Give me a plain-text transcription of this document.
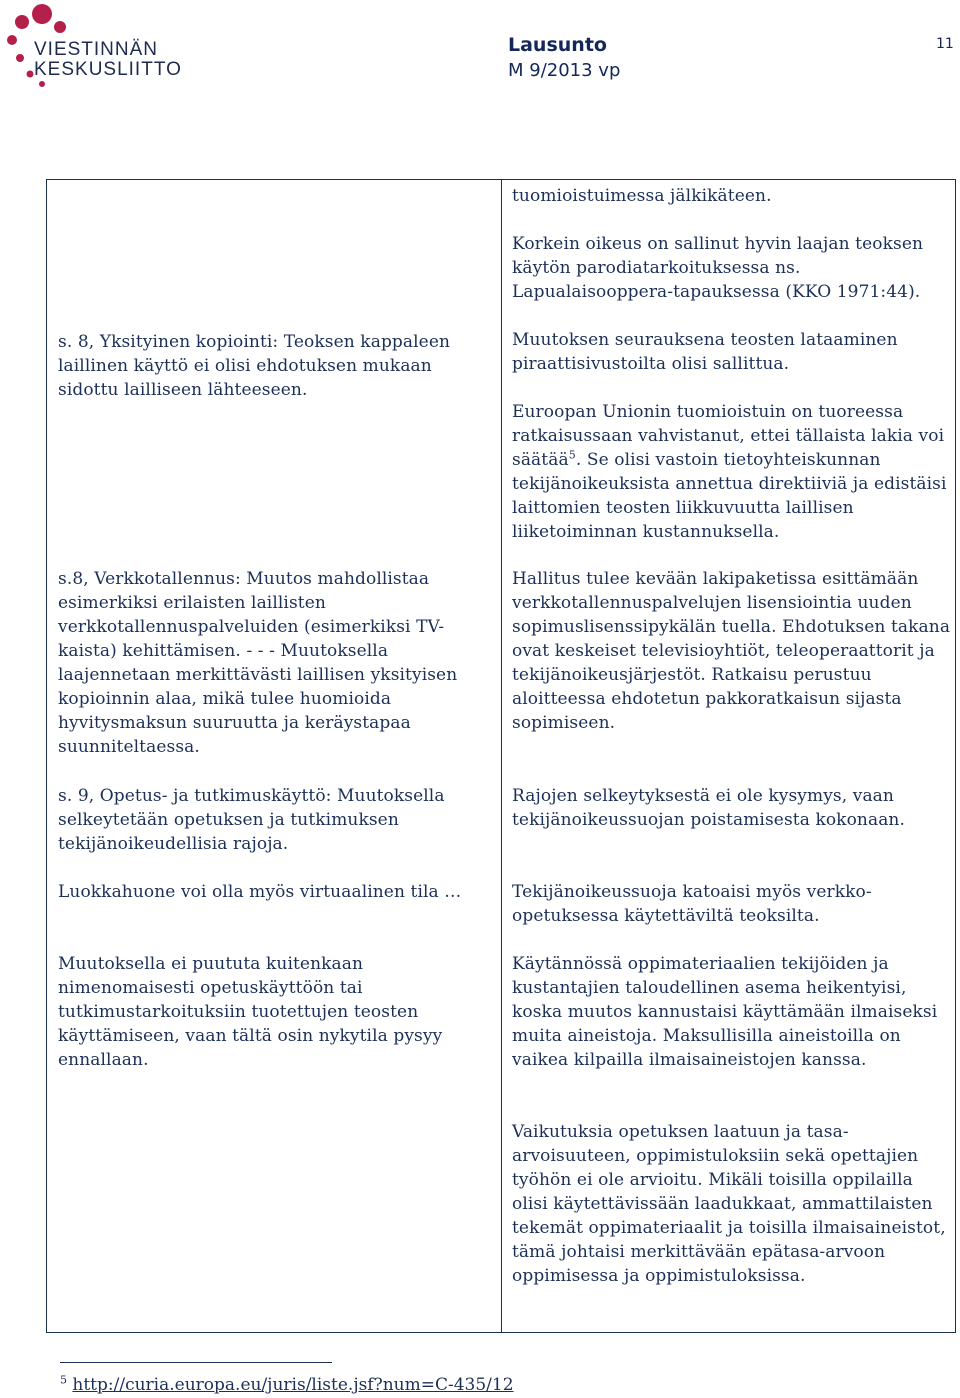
VIESTINNÄN
KESKUSLIITTO
Lausunto
M 9/2013 vp
11

s. 8, Yksityinen kopiointi: Teoksen kappaleen laillinen käyttö ei olisi ehdotuksen mukaan sidottu lailliseen lähteeseen.

s.8, Verkkotallennus: Muutos mahdollistaa esimerkiksi erilaisten laillisten verkkotallennuspalveluiden (esimerkiksi TV-kaista) kehittämisen. - - - Muutoksella laajennetaan merkittävästi laillisen yksityisen kopioinnin alaa, mikä tulee huomioida hyvitysmaksun suuruutta ja keräystapaa suunniteltaessa.

s. 9, Opetus- ja tutkimuskäyttö: Muutoksella selkeytetään opetuksen ja tutkimuksen tekijänoikeudellisia rajoja.

Luokkahuone voi olla myös virtuaalinen tila …

Muutoksella ei puututa kuitenkaan nimenomaisesti opetuskäyttöön tai tutkimustarkoituksiin tuotettujen teosten käyttämiseen, vaan tältä osin nykytila pysyy ennallaan.

tuomioistuimessa jälkikäteen.

Korkein oikeus on sallinut hyvin laajan teoksen käytön parodiatarkoituksessa ns. Lapualaisooppera-tapauksessa (KKO 1971:44).

Muutoksen seurauksena teosten lataaminen piraattisivustoilta olisi sallittua.

Euroopan Unionin tuomioistuin on tuoreessa ratkaisussaan vahvistanut, ettei tällaista lakia voi säätää$^5$. Se olisi vastoin tietoyhteiskunnan tekijänoikeuksista annettua direktiiviä ja edistäisi laittomien teosten liikkuvuutta laillisen liiketoiminnan kustannuksella.

Hallitus tulee kevään lakipaketissa esittämään verkkotallennuspalvelujen lisensiointia uuden sopimuslisenssipykälän tuella. Ehdotuksen takana ovat keskeiset televisioyhtiöt, teleoperaattorit ja tekijänoikeusjärjestöt. Ratkaisu perustuu aloitteessa ehdotetun pakkoratkaisun sijasta sopimiseen.

Rajojen selkeytyksestä ei ole kysymys, vaan tekijänoikeussuojan poistamisesta kokonaan.

Tekijänoikeussuoja katoaisi myös verkko-opetuksessa käytettäviltä teoksilta.

Käytännössä oppimateriaalien tekijöiden ja kustantajien taloudellinen asema heikentyisi, koska muutos kannustaisi käyttämään ilmaiseksi muita aineistoja. Maksullisilla aineistoilla on vaikea kilpailla ilmaisaineistojen kanssa.

Vaikutuksia opetuksen laatuun ja tasa-arvoisuuteen, oppimistuloksiin sekä opettajien työhön ei ole arvioitu. Mikäli toisilla oppilailla olisi käytettävissään laadukkaat, ammattilaisten tekemät oppimateriaalit ja toisilla ilmaisaineistot, tämä johtaisi merkittävään epätasa-arvoon oppimisessa ja oppimistuloksissa.

$^5$ http://curia.europa.eu/juris/liste.jsf?num=C-435/12
